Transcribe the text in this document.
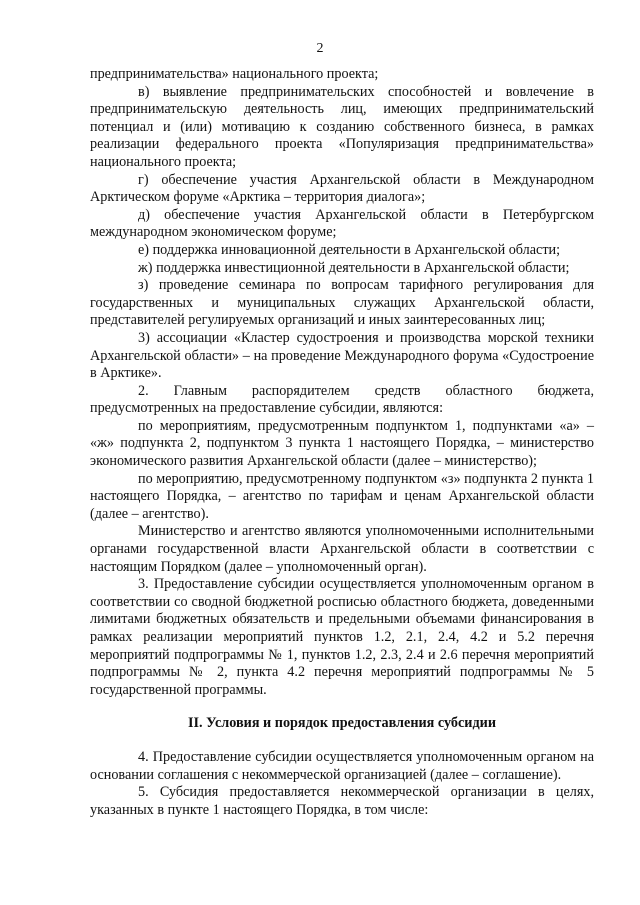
2

предпринимательства» национального проекта;

в) выявление предпринимательских способностей и вовлечение в предпринимательскую деятельность лиц, имеющих предпринимательский потенциал и (или) мотивацию к созданию собственного бизнеса, в рамках реализации федерального проекта «Популяризация предпринимательства» национального проекта;

г) обеспечение участия Архангельской области в Международном Арктическом форуме «Арктика – территория диалога»;

д) обеспечение участия Архангельской области в Петербургском международном экономическом форуме;

е) поддержка инновационной деятельности в Архангельской области;

ж) поддержка инвестиционной деятельности в Архангельской области;

з) проведение семинара по вопросам тарифного регулирования для государственных и муниципальных служащих Архангельской области, представителей регулируемых организаций и иных заинтересованных лиц;

3) ассоциации «Кластер судостроения и производства морской техники Архангельской области» – на проведение Международного форума «Судостроение в Арктике».

2. Главным распорядителем средств областного бюджета, предусмотренных на предоставление субсидии, являются:

по мероприятиям, предусмотренным подпунктом 1, подпунктами «а» – «ж» подпункта 2, подпунктом 3 пункта 1 настоящего Порядка, – министерство экономического развития Архангельской области (далее – министерство);

по мероприятию, предусмотренному подпунктом «з» подпункта 2 пункта 1 настоящего Порядка, – агентство по тарифам и ценам Архангельской области (далее – агентство).

Министерство и агентство являются уполномоченными исполнительными органами государственной власти Архангельской области в соответствии с настоящим Порядком (далее – уполномоченный орган).

3. Предоставление субсидии осуществляется уполномоченным органом в соответствии со сводной бюджетной росписью областного бюджета, доведенными лимитами бюджетных обязательств и предельными объемами финансирования в рамках реализации мероприятий пунктов 1.2, 2.1, 2.4, 4.2 и 5.2 перечня мероприятий подпрограммы № 1, пунктов 1.2, 2.3, 2.4 и 2.6 перечня мероприятий подпрограммы № 2, пункта 4.2 перечня мероприятий подпрограммы № 5 государственной программы.

II. Условия и порядок предоставления субсидии

4. Предоставление субсидии осуществляется уполномоченным органом на основании соглашения с некоммерческой организацией (далее – соглашение).

5. Субсидия предоставляется некоммерческой организации в целях, указанных в пункте 1 настоящего Порядка, в том числе:
